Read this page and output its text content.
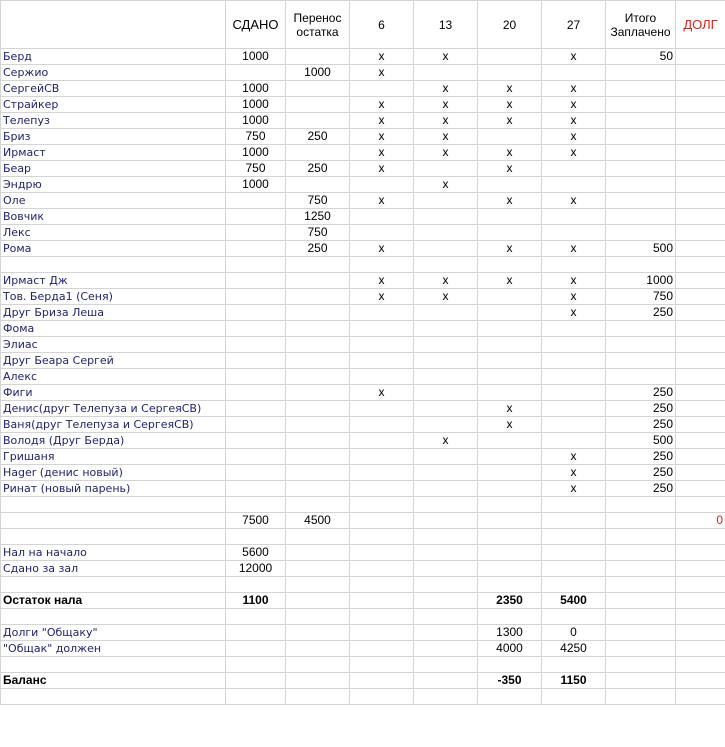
	СДАНО	Перенос остатка	6	13	20	27	Итого Заплачено	ДОЛГ
Берд	1000		x	x		x	50	
Сержио		1000	x					
СергейСВ	1000			x	x	x		
Страйкер	1000		x	x	x	x		
Телепуз	1000		x	x	x	x		
Бриз	750	250	x	x		x		
Ирмаст	1000		x	x	x	x		
Беар	750	250	x		x			
Эндрю	1000			x				
Оле		750	x		x	x		
Вовчик		1250						
Лекс		750						
Рома		250	x		x	x	500	

Ирмаст Дж			x	x	x	x	1000	
Тов. Берда1 (Сеня)			x	x		x	750	
Друг Бриза Леша						x	250	
Фома								
Элиас								
Друг Беара Сергей								
Алекс								
Фиги			x				250	
Денис(друг Телепуза и СергеяСВ)					x		250	
Ваня(друг Телепуза и СергеяСВ)					x		250	
Володя (Друг Берда)				x			500	
Гришаня						x	250	
Hager (денис новый)						x	250	
Ринат (новый парень)						x	250	

	7500	4500						0

Нал на начало	5600							
Сдано за зал	12000							

Остаток нала	1100				2350	5400		

Долги "Общаку"					1300	0		
"Общак" должен					4000	4250		

Баланс					-350	1150		
